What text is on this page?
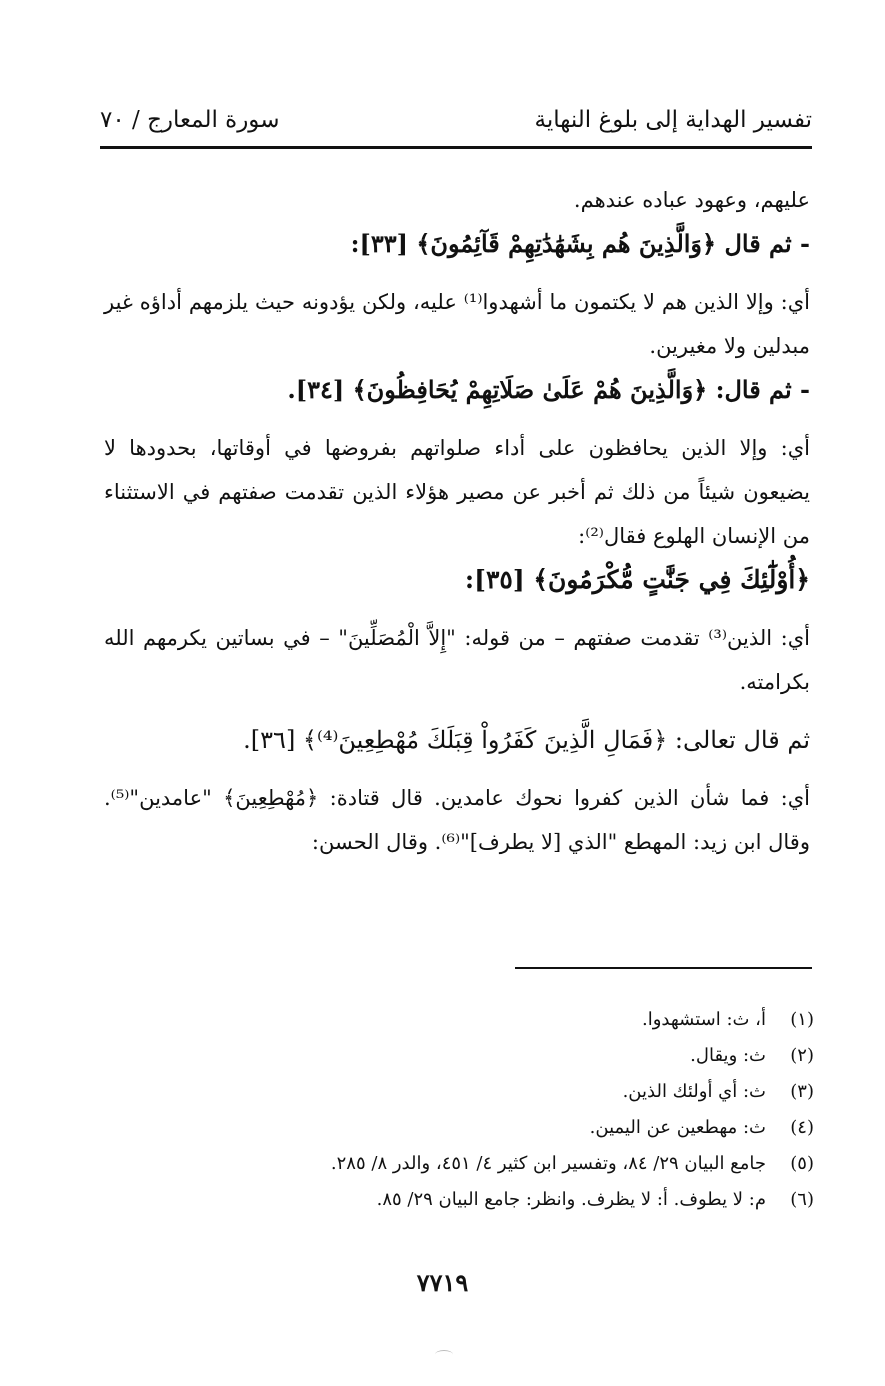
تفسير الهداية إلى بلوغ النهاية
سورة المعارج / ٧٠

عليهم، وعهود عباده عندهم.

- ثم قال ﴿وَالَّذِينَ هُم بِشَهَٰدَٰتِهِمْ قَآئِمُونَ﴾ [٣٣]:

أي: وإلا الذين هم لا يكتمون ما أشهدوا⁽¹⁾ عليه، ولكن يؤدونه حيث يلزمهم أداؤه غير مبدلين ولا مغيرين.

- ثم قال: ﴿وَالَّذِينَ هُمْ عَلَىٰ صَلَاتِهِمْ يُحَافِظُونَ﴾ [٣٤].

أي: وإلا الذين يحافظون على أداء صلواتهم بفروضها في أوقاتها، بحدودها لا يضيعون شيئاً من ذلك ثم أخبر عن مصير هؤلاء الذين تقدمت صفتهم في الاستثناء من الإنسان الهلوع فقال⁽²⁾:

﴿أُوْلَٰٓئِكَ فِي جَنَّٰتٍ مُّكْرَمُونَ﴾ [٣٥]:

أي: الذين⁽³⁾ تقدمت صفتهم – من قوله: "إِلاَّ الْمُصَلِّينَ" – في بساتين يكرمهم الله بكرامته.

ثم قال تعالى: ﴿فَمَالِ الَّذِينَ كَفَرُواْ قِبَلَكَ مُهْطِعِينَ⁽⁴⁾﴾ [٣٦].

أي: فما شأن الذين كفروا نحوك عامدين. قال قتادة: ﴿مُهْطِعِينَ﴾ "عامدين"⁽⁵⁾. وقال ابن زيد: المهطع "الذي [لا يطرف]"⁽⁶⁾. وقال الحسن:

(١)أ، ث: استشهدوا.
(٢)ث: ويقال.
(٣)ث: أي أولئك الذين.
(٤)ث: مهطعين عن اليمين.
(٥)جامع البيان ٢٩/ ٨٤، وتفسير ابن كثير ٤/ ٤٥١، والدر ٨/ ٢٨٥.
(٦)م: لا يطوف. أ: لا يظرف. وانظر: جامع البيان ٢٩/ ٨٥.
٧٧١٩
